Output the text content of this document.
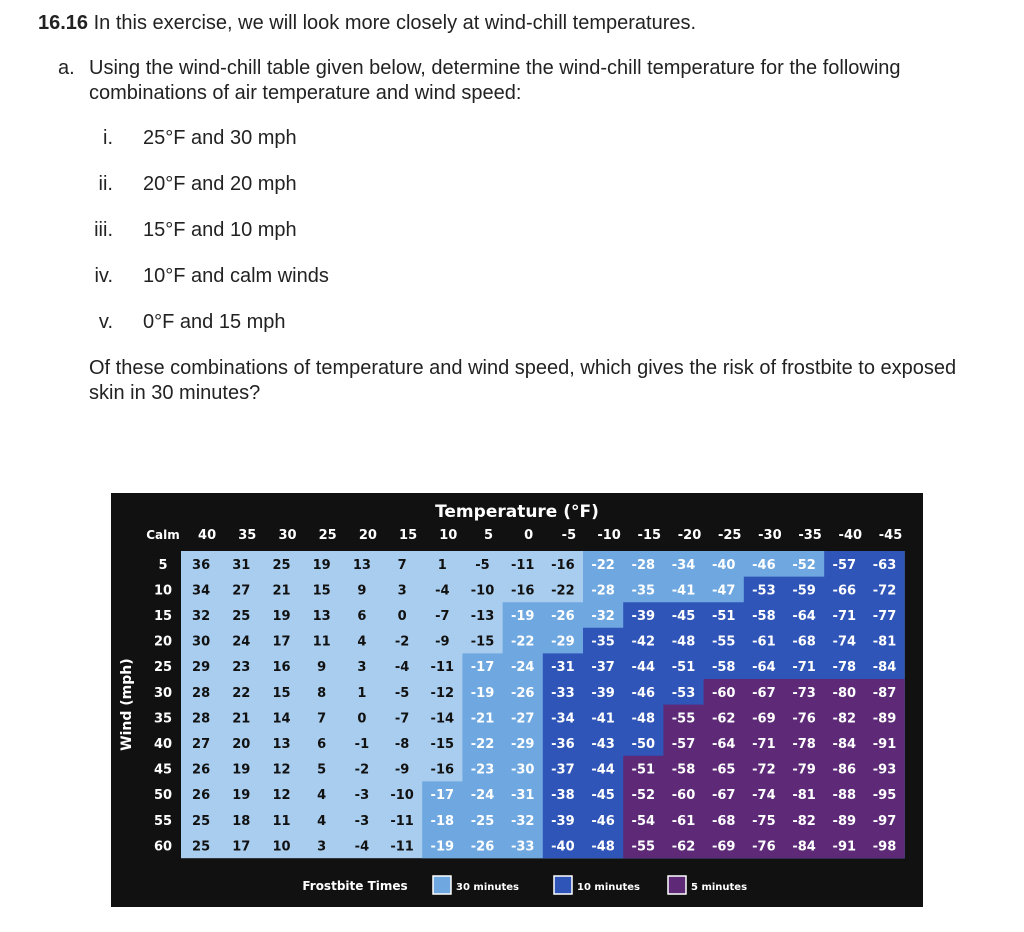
16.16 In this exercise, we will look more closely at wind-chill temperatures.
a. Using the wind-chill table given below, determine the wind-chill temperature for the following combinations of air temperature and wind speed:
i. 25°F and 30 mph
ii. 20°F and 20 mph
iii. 15°F and 10 mph
iv. 10°F and calm winds
v. 0°F and 15 mph
Of these combinations of temperature and wind speed, which gives the risk of frostbite to exposed skin in 30 minutes?
Temperature (°F)
Calm 40 35 30 25 20 15 10 5 0 -5 -10 -15 -20 -25 -30 -35 -40 -45
Wind (mph)
5 36 31 25 19 13 7 1 -5 -11 -16 -22 -28 -34 -40 -46 -52 -57 -63
10 34 27 21 15 9 3 -4 -10 -16 -22 -28 -35 -41 -47 -53 -59 -66 -72
15 32 25 19 13 6 0 -7 -13 -19 -26 -32 -39 -45 -51 -58 -64 -71 -77
20 30 24 17 11 4 -2 -9 -15 -22 -29 -35 -42 -48 -55 -61 -68 -74 -81
25 29 23 16 9 3 -4 -11 -17 -24 -31 -37 -44 -51 -58 -64 -71 -78 -84
30 28 22 15 8 1 -5 -12 -19 -26 -33 -39 -46 -53 -60 -67 -73 -80 -87
35 28 21 14 7 0 -7 -14 -21 -27 -34 -41 -48 -55 -62 -69 -76 -82 -89
40 27 20 13 6 -1 -8 -15 -22 -29 -36 -43 -50 -57 -64 -71 -78 -84 -91
45 26 19 12 5 -2 -9 -16 -23 -30 -37 -44 -51 -58 -65 -72 -79 -86 -93
50 26 19 12 4 -3 -10 -17 -24 -31 -38 -45 -52 -60 -67 -74 -81 -88 -95
55 25 18 11 4 -3 -11 -18 -25 -32 -39 -46 -54 -61 -68 -75 -82 -89 -97
60 25 17 10 3 -4 -11 -19 -26 -33 -40 -48 -55 -62 -69 -76 -84 -91 -98
Frostbite Times	30 minutes	10 minutes	5 minutes
